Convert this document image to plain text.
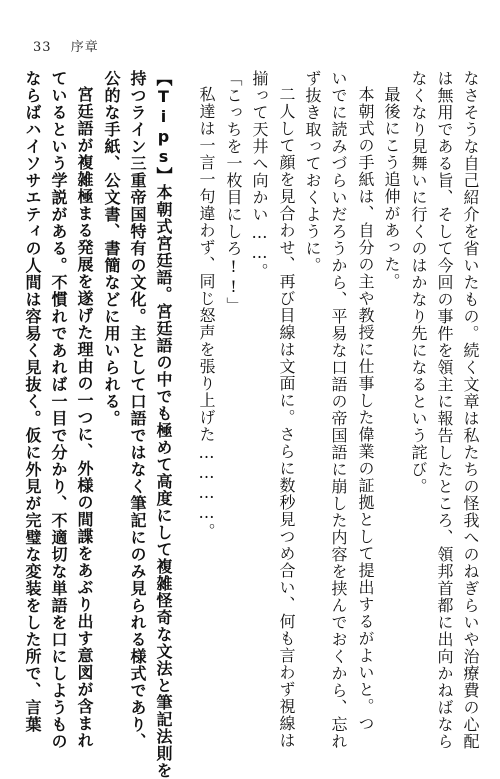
33 序章
なさそうな自己紹介を省いたもの。続く文章は私たちの怪我へのねぎらいや治療費の心配
は無用である旨、そして今回の事件を領主に報告したところ、領邦首都に出向かねばなら
なくなり見舞いに行くのはかなり先になるという詫び。
最後にこう追伸があった。
本朝式の手紙は、自分の主や教授に仕事した偉業の証拠として提出するがよいと。つ
いでに読みづらいだろうから、平易な口語の帝国語に崩した内容を挟んでおくから、忘れ
ず抜き取っておくように。
二人して顔を見合わせ、再び目線は文面に。さらに数秒見つめ合い、何も言わず視線は
揃って天井へ向かい……。
「こっちを一枚目にしろ!!」
私達は一言一句違わず、同じ怒声を張り上げた…………。
【Tips】本朝式宮廷語。宮廷語の中でも極めて高度にして複雑怪奇な文法と筆記法則を
持つライン三重帝国特有の文化。主として口語ではなく筆記にのみ見られる様式であり、
公的な手紙、公文書、書簡などに用いられる。
宮廷語が複雑極まる発展を遂げた理由の一つに、外様の間諜をあぶり出す意図が含まれ
ているという学説がある。不慣れであれば一目で分かり、不適切な単語を口にしようもの
ならばハイソサエティの人間は容易く見抜く。仮に外見が完璧な変装をした所で、言葉
